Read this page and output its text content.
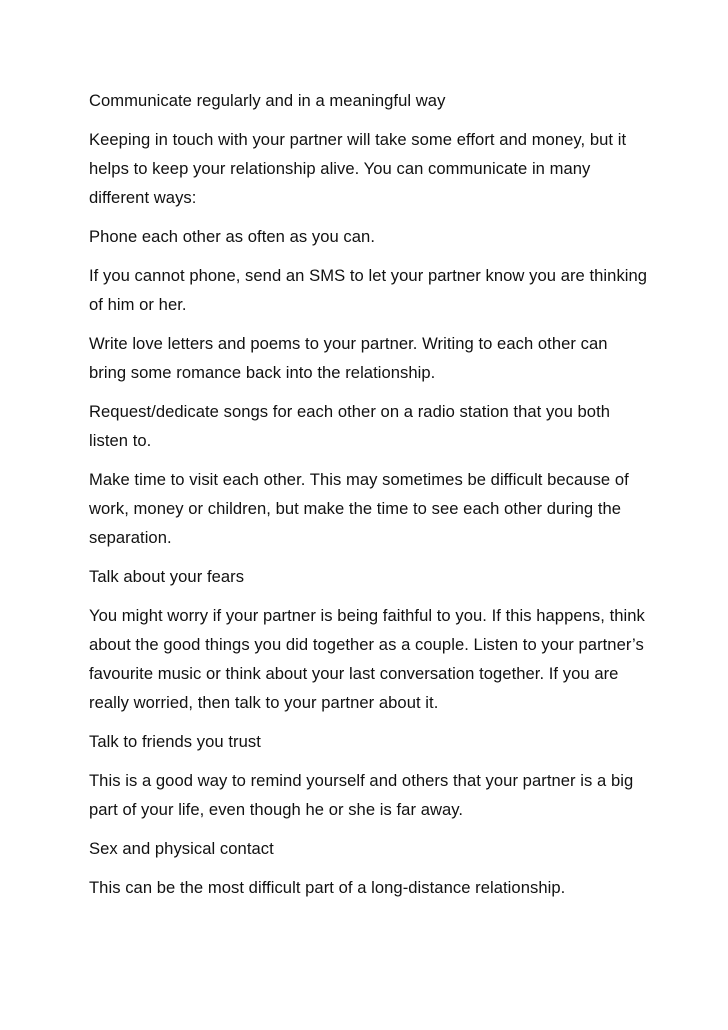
Communicate regularly and in a meaningful way

Keeping in touch with your partner will take some effort and money, but it helps to keep your relationship alive. You can communicate in many different ways:

Phone each other as often as you can.

If you cannot phone, send an SMS to let your partner know you are thinking of him or her.

Write love letters and poems to your partner. Writing to each other can bring some romance back into the relationship.

Request/dedicate songs for each other on a radio station that you both listen to.

Make time to visit each other. This may sometimes be difficult because of work, money or children, but make the time to see each other during the separation.

Talk about your fears

You might worry if your partner is being faithful to you. If this happens, think about the good things you did together as a couple. Listen to your partner’s favourite music or think about your last conversation together. If you are really worried, then talk to your partner about it.

Talk to friends you trust

This is a good way to remind yourself and others that your partner is a big part of your life, even though he or she is far away.

Sex and physical contact

This can be the most difficult part of a long-distance relationship.
